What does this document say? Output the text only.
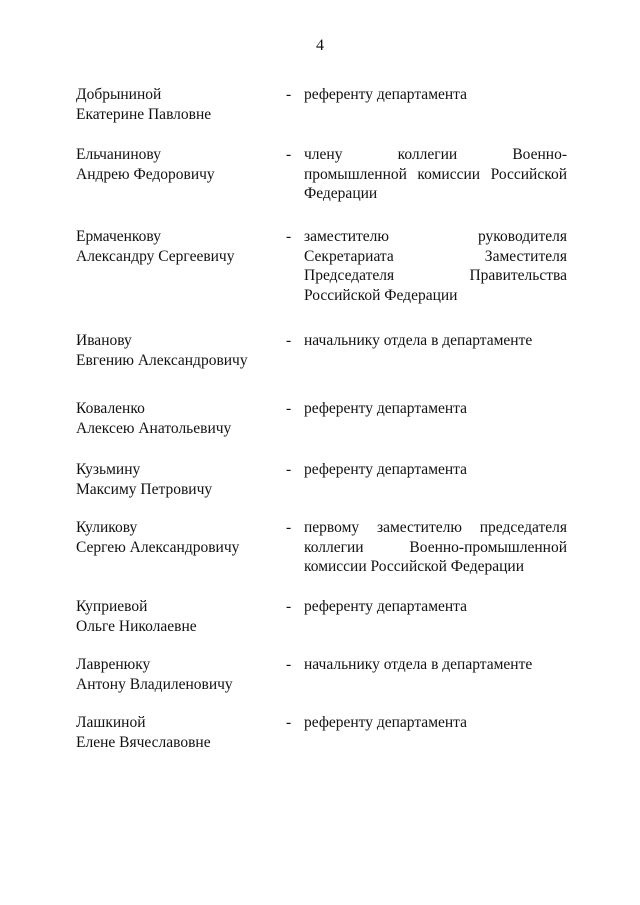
4
Добрыниной
Екатерине Павловне
- референту департамента
Ельчанинову
Андрею Федоровичу
- члену коллегии Военно-
промышленной комиссии Российской
Федерации
Ермаченкову
Александру Сергеевичу
- заместителю руководителя
Секретариата Заместителя
Председателя Правительства
Российской Федерации
Иванову
Евгению Александровичу
- начальнику отдела в департаменте
Коваленко
Алексею Анатольевичу
- референту департамента
Кузьмину
Максиму Петровичу
- референту департамента
Куликову
Сергею Александровичу
- первому заместителю председателя
коллегии Военно-промышленной
комиссии Российской Федерации
Куприевой
Ольге Николаевне
- референту департамента
Лавренюку
Антону Владиленовичу
- начальнику отдела в департаменте
Лашкиной
Елене Вячеславовне
- референту департамента
